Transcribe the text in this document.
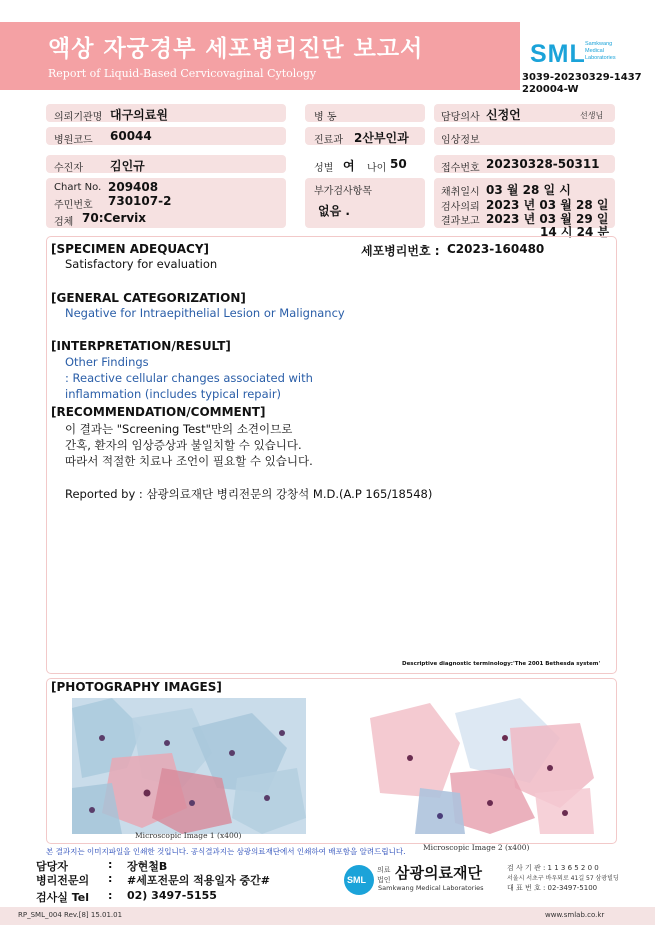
액상 자궁경부 세포병리진단 보고서
Report of Liquid-Based Cervicovaginal Cytology
SML Samkwang
Medical
Laboratories
3039-20230329-1437
220004-W
의뢰기관명 대구의료원	병 동	담당의사 신정언	선생님
병원코드 60044	진료과 2산부인과	임상정보
수진자 김인규	성별 여 나이 50	접수번호 20230328-50311
Chart No. 209408
주민번호 730107-2
검체 70:Cervix
부가검사항목
없음 .
채취일시 03 월 28 일 시
검사의뢰 2023 년 03 월 28 일
결과보고 2023 년 03 월 29 일
14 시 24 분
[SPECIMEN ADEQUACY]	세포병리번호 : C2023-160480
Satisfactory for evaluation
[GENERAL CATEGORIZATION]
Negative for Intraepithelial Lesion or Malignancy
[INTERPRETATION/RESULT]
Other Findings
: Reactive cellular changes associated with
inflammation (includes typical repair)
[RECOMMENDATION/COMMENT]
이 결과는 "Screening Test"만의 소견이므로
간혹, 환자의 임상증상과 불일치할 수 있습니다.
따라서 적절한 치료나 조언이 필요할 수 있습니다.
Reported by : 삼광의료재단 병리전문의 강창석 M.D.(A.P 165/18548)
Descriptive diagnostic terminology:'The 2001 Bethesda system'
[PHOTOGRAPHY IMAGES]
Microscopic Image 1 (x400)
Microscopic Image 2 (x400)
본 결과지는 이미지파일을 인쇄한 것입니다. 공식결과지는 삼광의료재단에서 인쇄하여 배포함을 알려드립니다.
담당자	: 장현철B
병리전문의 : #세포전문의 적용일자 중간#
검사실 Tel : 02) 3497-5155
SML
의료
법인 삼광의료재단
Samkwang Medical Laboratories
검 사 기 관 : 1 1 3 6 5 2 0 0
서울시 서초구 바우뫼로 41길 57 삼광빌딩
대 표 번 호 : 02-3497-5100
RP_SML_004 Rev.[8] 15.01.01	www.smlab.co.kr
